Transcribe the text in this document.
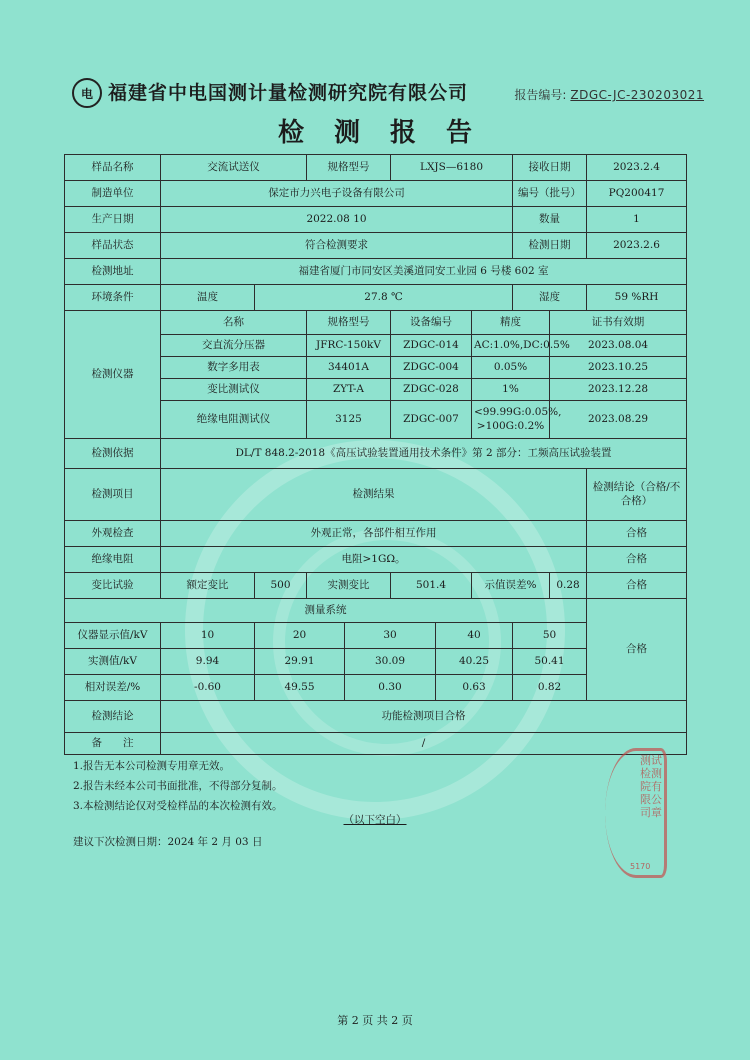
电 福建省中电国测计量检测研究院有限公司	报告编号: ZDGC-JC-230203021
检测报告
样品名称	交流试送仪		规格型号		LXJS—6180			接收日期		2023.2.4
制造单位	保定市力兴电子设备有限公司							编号（批号）		PQ200417
生产日期	2022.08 10							数量		1
样品状态	符合检测要求							检测日期		2023.2.6
检测地址	福建省厦门市同安区美溪道同安工业园 6 号楼 602 室									
环境条件	温度	27.8 ℃						湿度		59 %RH
检测仪器	名称		规格型号		设备编号		精度		证书有效期	
	交直流分压器		JFRC-150kV		ZDGC-014		AC:1.0%,DC:0.5%		2023.08.04	
	数字多用表		34401A		ZDGC-004		0.05%		2023.10.25	
	变比测试仪		ZYT-A		ZDGC-028		1%		2023.12.28	
	绝缘电阻测试仪		3125		ZDGC-007		<99.99G:0.05%,
>100G:0.2%		2023.08.29	
检测依据	DL/T 848.2-2018《高压试验装置通用技术条件》第 2 部分：工频高压试验装置									
检测项目	检测结果									检测结论（合格/不合格）
外观检查	外观正常，各部件相互作用									合格
绝缘电阻	电阻>1GΩ。									合格
变比试验	额定变比	500	实测变比		501.4		示值误差%		0.28	合格
测量系统										合格
仪器显示值/kV	10	20		30		40		50		
实测值/kV	9.94	29.91		30.09		40.25		50.41		
相对误差/%	-0.60	49.55		0.30		0.63		0.82		
检测结论	功能检测项目合格									
备　　注	/									
1.报告无本公司检测专用章无效。
2.报告未经本公司书面批准，不得部分复制。
3.本检测结论仅对受检样品的本次检测有效。
（以下空白）
建议下次检测日期：2024 年 2 月 03 日
测试检测院有限公司章
5170
第 2 页 共 2 页
